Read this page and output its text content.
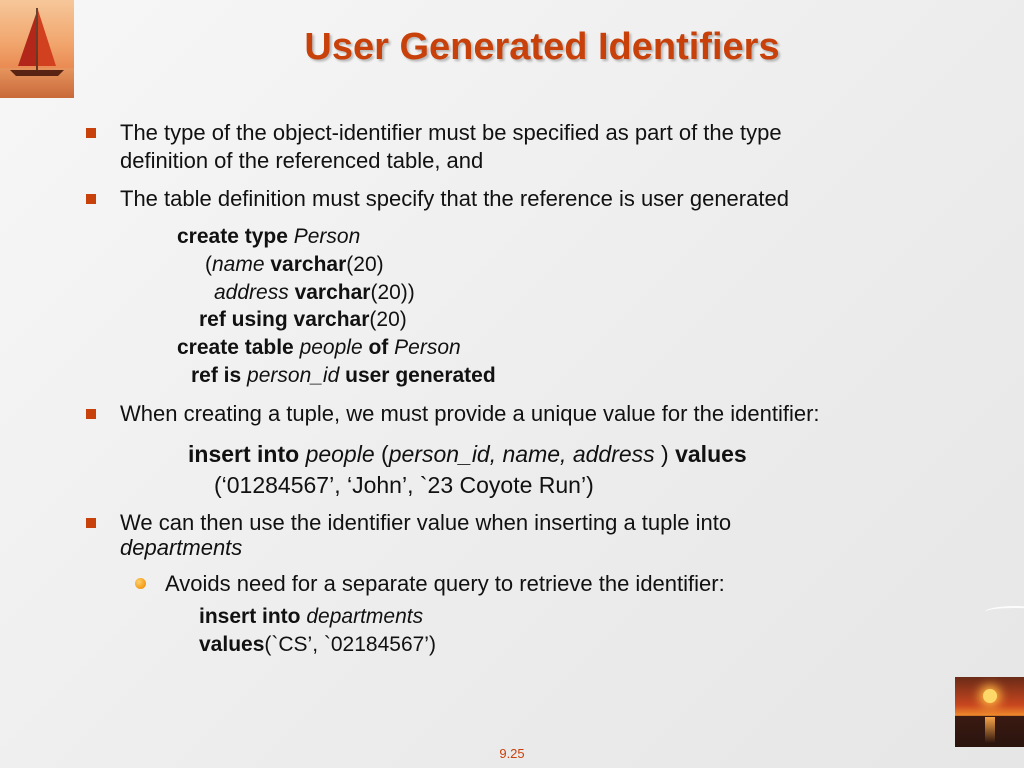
User Generated Identifiers
The type of the object-identifier must be specified as part of the type
definition of the referenced table, and
The table definition must specify that the reference is user generated
create type Person
(name varchar(20)
address varchar(20))
ref using varchar(20)
create table people of Person
ref is person_id user generated
When creating a tuple, we must provide a unique value for the identifier:
insert into people (person_id, name, address ) values
(‘01284567’, ‘John’, `23 Coyote Run’)
We can then use the identifier value when inserting a tuple into
departments
Avoids need for a separate query to retrieve the identifier:
insert into departments
values(`CS’, `02184567’)
9.25
